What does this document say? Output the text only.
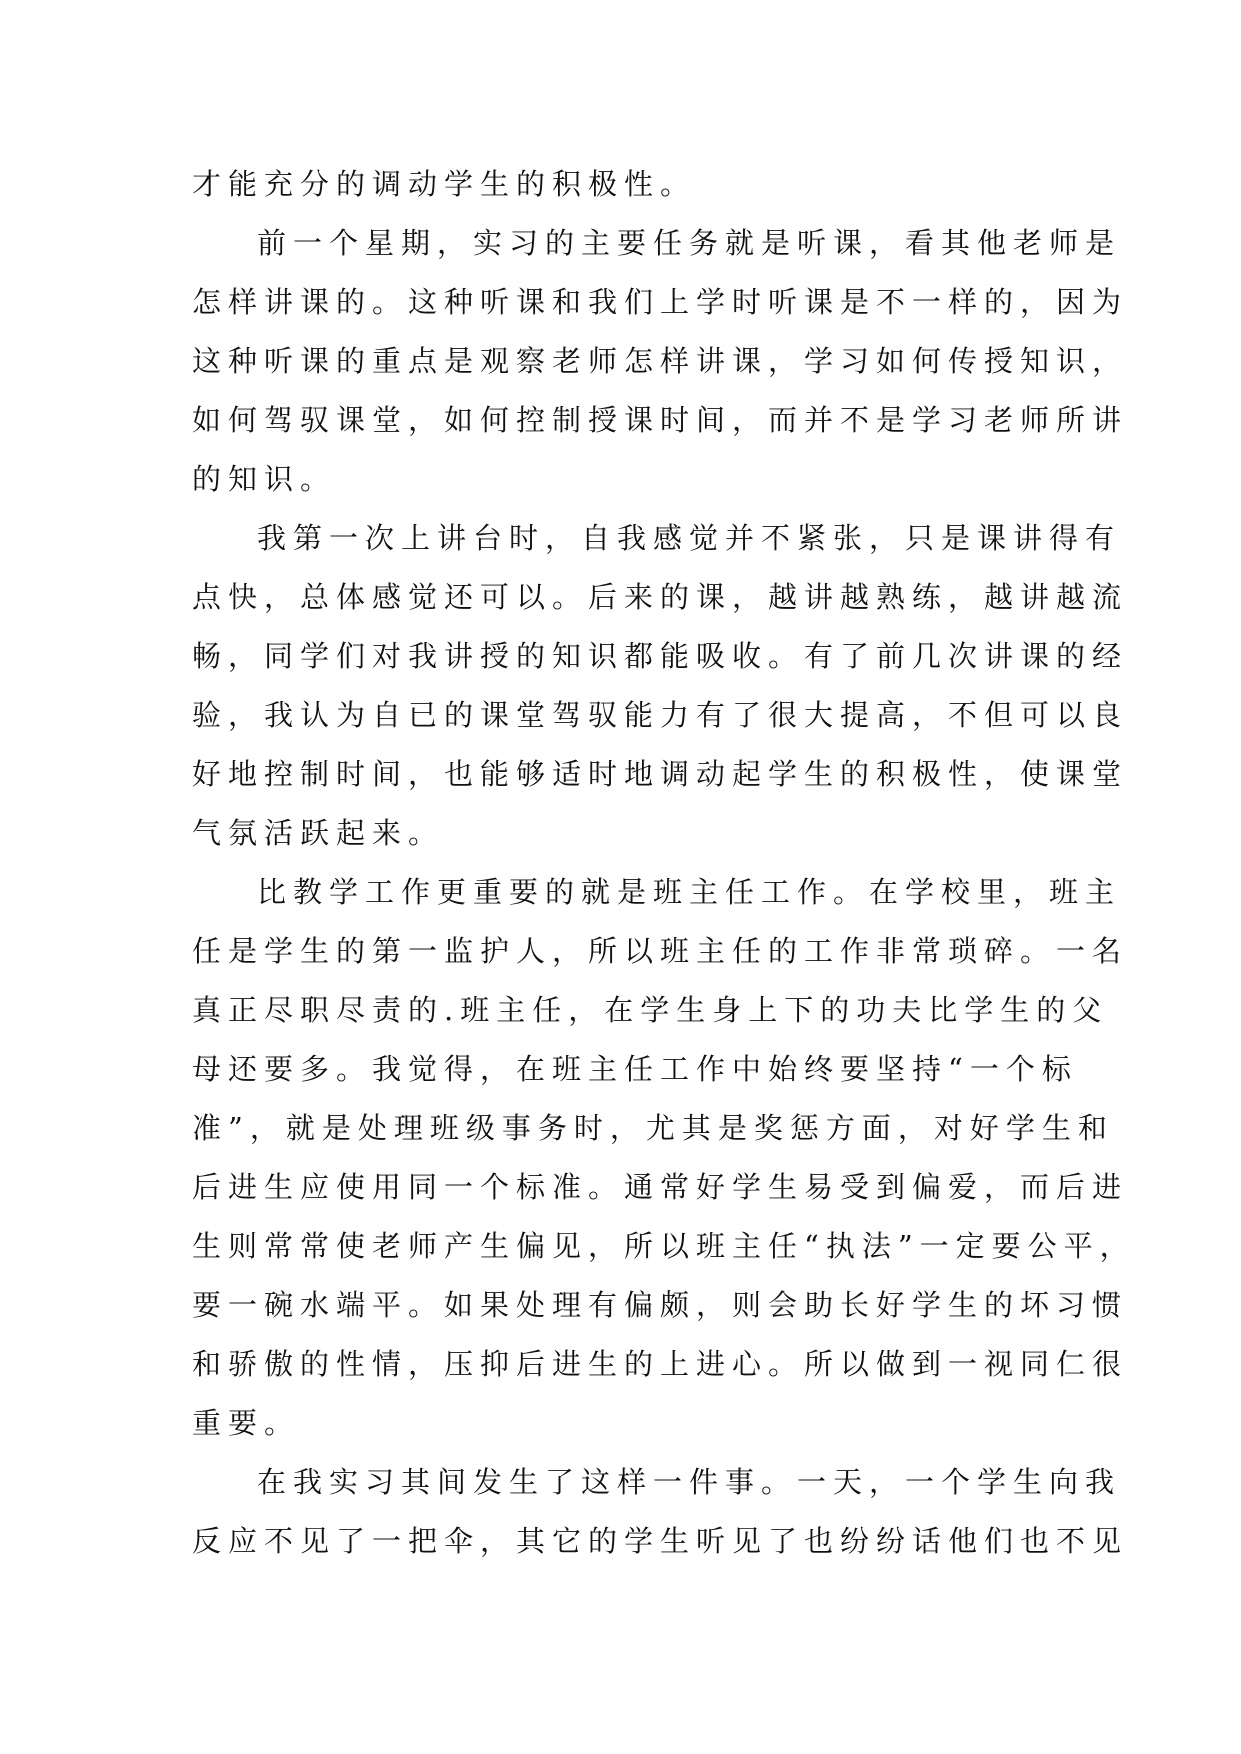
才能充分的调动学生的积极性。
前一个星期，实习的主要任务就是听课，看其他老师是
怎样讲课的。这种听课和我们上学时听课是不一样的，因为
这种听课的重点是观察老师怎样讲课，学习如何传授知识，
如何驾驭课堂，如何控制授课时间，而并不是学习老师所讲
的知识。
我第一次上讲台时，自我感觉并不紧张，只是课讲得有
点快，总体感觉还可以。后来的课，越讲越熟练，越讲越流
畅，同学们对我讲授的知识都能吸收。有了前几次讲课的经
验，我认为自已的课堂驾驭能力有了很大提高，不但可以良
好地控制时间，也能够适时地调动起学生的积极性，使课堂
气氛活跃起来。
比教学工作更重要的就是班主任工作。在学校里，班主
任是学生的第一监护人，所以班主任的工作非常琐碎。一名
真正尽职尽责的.班主任，在学生身上下的功夫比学生的父
母还要多。我觉得，在班主任工作中始终要坚持“一个标
准”，就是处理班级事务时，尤其是奖惩方面，对好学生和
后进生应使用同一个标准。通常好学生易受到偏爱，而后进
生则常常使老师产生偏见，所以班主任“执法”一定要公平，
要一碗水端平。如果处理有偏颇，则会助长好学生的坏习惯
和骄傲的性情，压抑后进生的上进心。所以做到一视同仁很
重要。
在我实习其间发生了这样一件事。一天，一个学生向我
反应不见了一把伞，其它的学生听见了也纷纷话他们也不见
